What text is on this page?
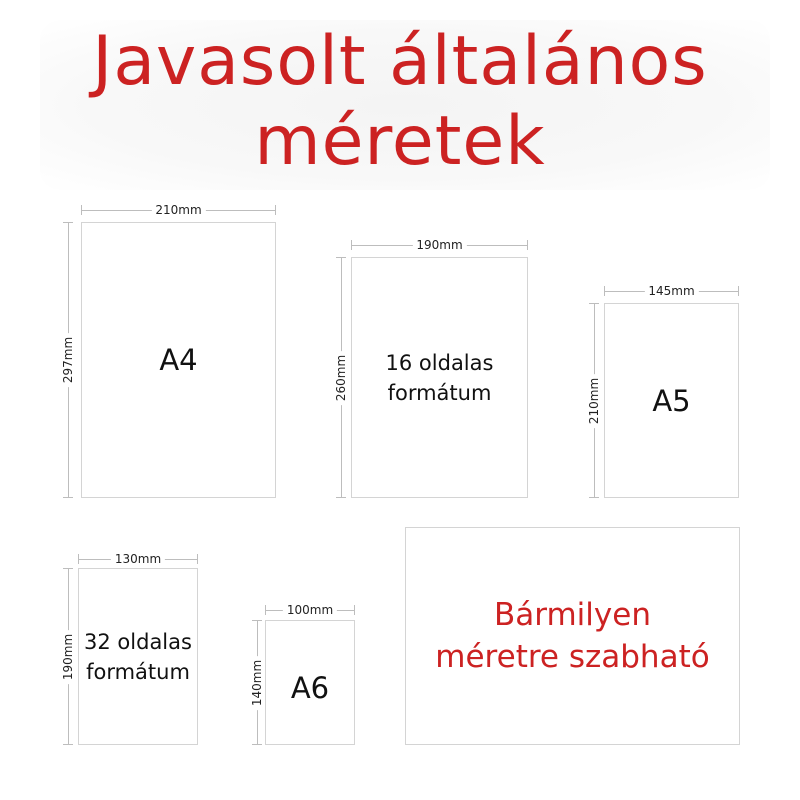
Javasolt általános
méretek
210mm
297mm	A4
190mm
260mm 16 oldalas
formátum
145mm
210mm A5
130mm
190mm 32 oldalas
formátum
100mm
140mm A6
Bármilyen
méretre szabható
